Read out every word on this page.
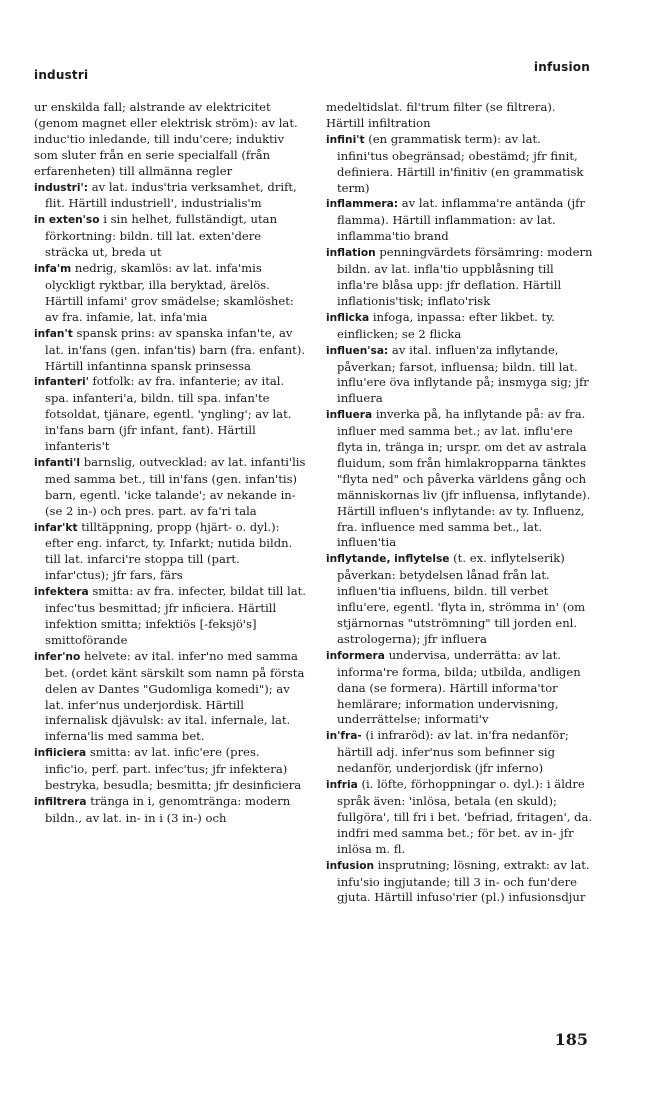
industri
infusion

ur enskilda fall; alstrande av elektricitet (genom magnet eller elektrisk ström): av lat. induc'tio inledande, till indu'cere; induktiv som sluter från en serie specialfall (från erfarenheten) till allmänna regler

industri': av lat. indus'tria verksamhet, drift, flit. Härtill industriell', industrialis'm

in exten'so i sin helhet, fullständigt, utan förkortning: bildn. till lat. exten'dere sträcka ut, breda ut

infa'm nedrig, skamlös: av lat. infa'mis olyckligt ryktbar, illa beryktad, ärelös. Härtill infami' grov smädelse; skamlöshet: av fra. infamie, lat. infa'mia

infan't spansk prins: av spanska infan'te, av lat. in'fans (gen. infan'tis) barn (fra. enfant). Härtill infantinna spansk prinsessa

infanteri' fotfolk: av fra. infanterie; av ital. spa. infanteri'a, bildn. till spa. infan'te fotsoldat, tjänare, egentl. 'yngling'; av lat. in'fans barn (jfr infant, fant). Härtill infanteris't

infanti'l barnslig, outvecklad: av lat. infanti'lis med samma bet., till in'fans (gen. infan'tis) barn, egentl. 'icke talande'; av nekande in- (se 2 in-) och pres. part. av fa'ri tala

infar'kt tilltäppning, propp (hjärt- o. dyl.): efter eng. infarct, ty. Infarkt; nutida bildn. till lat. infarci're stoppa till (part. infar'ctus); jfr fars, färs

infektera smitta: av fra. infecter, bildat till lat. infec'tus besmittad; jfr inficiera. Härtill infektion smitta; infektiös [-feksjö's] smittoförande

infer'no helvete: av ital. infer'no med samma bet. (ordet känt särskilt som namn på första delen av Dantes "Gudomliga komedi"); av lat. infer'nus underjordisk. Härtill infernalisk djävulsk: av ital. infernale, lat. inferna'lis med samma bet.

infiiciera smitta: av lat. infic'ere (pres. infic'io, perf. part. infec'tus; jfr infektera) bestryka, besudla; besmitta; jfr desinficiera

infiltrera tränga in i, genomtränga: modern bildn., av lat. in- in i (3 in-) och

medeltidslat. fil'trum filter (se filtrera). Härtill infiltration

infini't (en grammatisk term): av lat. infini'tus obegränsad; obestämd; jfr finit, definiera. Härtill in'finitiv (en grammatisk term)

inflammera: av lat. inflamma're antända (jfr flamma). Härtill inflammation: av lat. inflamma'tio brand

inflation penningvärdets försämring: modern bildn. av lat. infla'tio uppblåsning till infla're blåsa upp: jfr deflation. Härtill inflationis'tisk; inflato'risk

inflicka infoga, inpassa: efter likbet. ty. einflicken; se 2 flicka

influen'sa: av ital. influen'za inflytande, påverkan; farsot, influensa; bildn. till lat. influ'ere öva inflytande på; insmyga sig; jfr influera

influera inverka på, ha inflytande på: av fra. influer med samma bet.; av lat. influ'ere flyta in, tränga in; urspr. om det av astrala fluidum, som från himlakropparna tänktes "flyta ned" och påverka världens gång och människornas liv (jfr influensa, inflytande). Härtill influen's inflytande: av ty. Influenz, fra. influence med samma bet., lat. influen'tia

inflytande, inflytelse (t. ex. inflytelserik) påverkan: betydelsen lånad från lat. influen'tia influens, bildn. till verbet influ'ere, egentl. 'flyta in, strömma in' (om stjärnornas "utströmning" till jorden enl. astrologerna); jfr influera

informera undervisa, underrätta: av lat. informa're forma, bilda; utbilda, andligen dana (se formera). Härtill informa'tor hemlärare; information undervisning, underrättelse; informati'v

in'fra- (i infraröd): av lat. in'fra nedanför; härtill adj. infer'nus som befinner sig nedanför, underjordisk (jfr inferno)

infria (i. löfte, förhoppningar o. dyl.): i äldre språk även: 'inlösa, betala (en skuld); fullgöra', till fri i bet. 'befriad, fritagen', da. indfri med samma bet.; för bet. av in- jfr inlösa m. fl.

infusion insprutning; lösning, extrakt: av lat. infu'sio ingjutande; till 3 in- och fun'dere gjuta. Härtill infuso'rier (pl.) infusionsdjur

185
